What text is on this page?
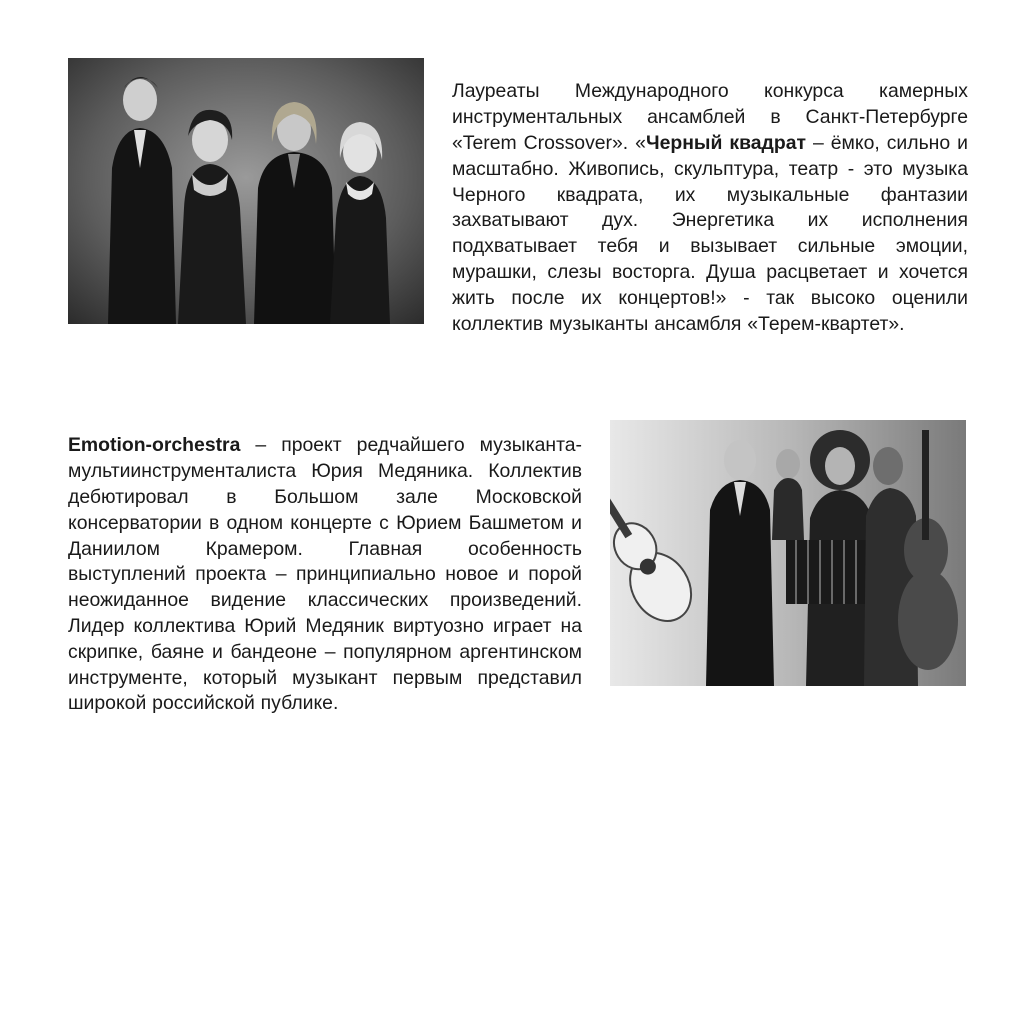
Лауреаты Международного конкурса камерных инструментальных ансамблей в Санкт-Петербурге «Terem Crossover». «Черный квадрат – ёмко, сильно и масштабно. Живопись, скульптура, театр - это музыка Черного квадрата, их музыкальные фантазии захватывают дух. Энергетика их исполнения подхватывает тебя и вызывает сильные эмоции, мурашки, слезы восторга. Душа расцветает и хочется жить после их концертов!» - так высоко оценили коллектив музыканты ансамбля «Терем-квартет».

Emotion-orchestra – проект редчайшего музыканта-мультиинструменталиста Юрия Медяника. Коллектив дебютировал в Большом зале Московской консерватории в одном концерте с Юрием Башметом и Даниилом Крамером. Главная особенность выступлений проекта – принципиально новое и порой неожиданное видение классических произведений. Лидер коллектива Юрий Медяник виртуозно играет на скрипке, баяне и бандеоне – популярном аргентинском инструменте, который музыкант первым представил широкой российской публике.
